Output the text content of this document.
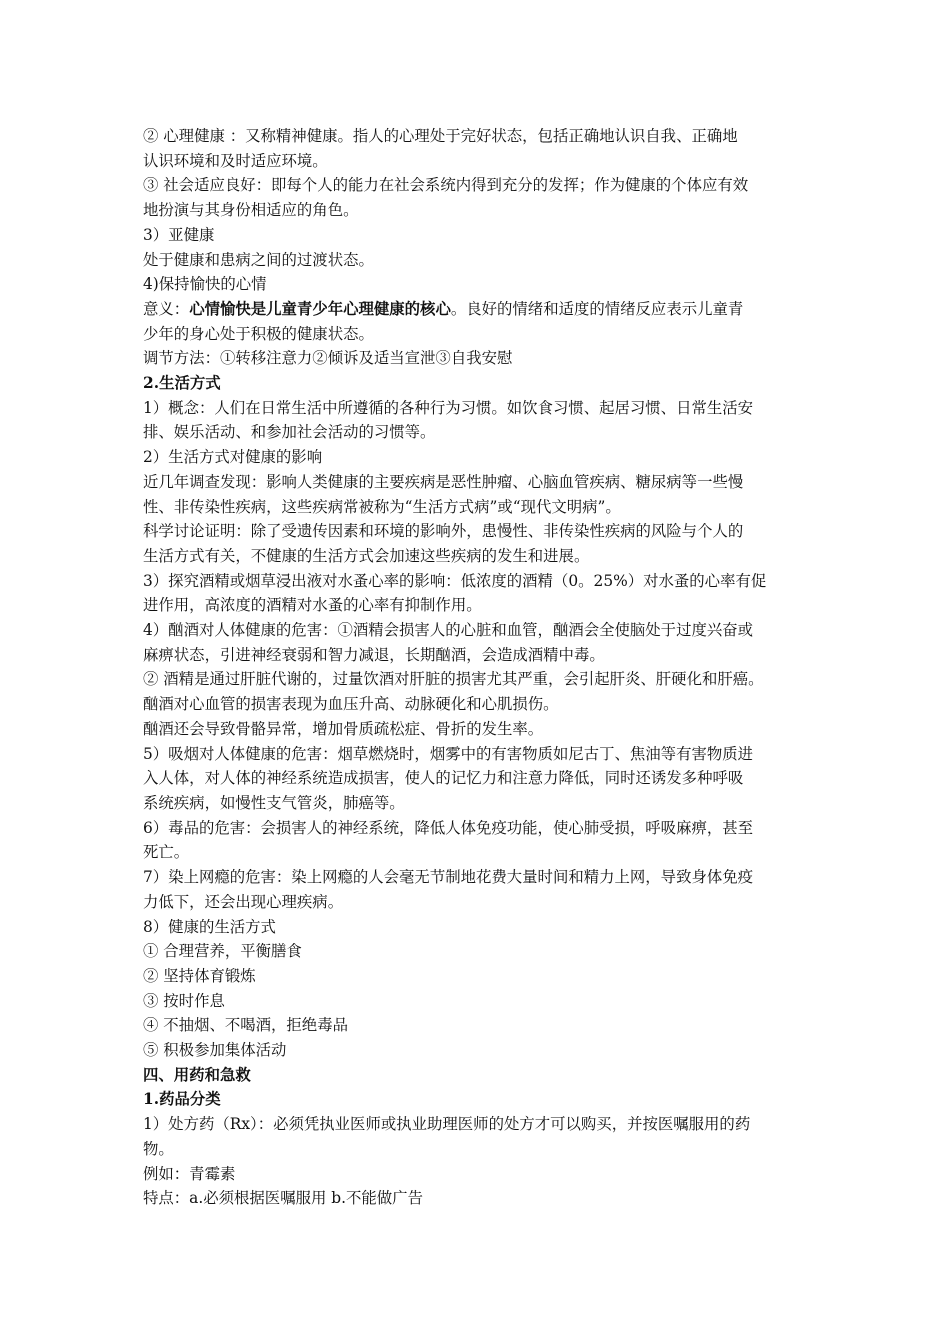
② 心理健康 ：又称精神健康。指人的心理处于完好状态，包括正确地认识自我、正确地

认识环境和及时适应环境。

③ 社会适应良好：即每个人的能力在社会系统内得到充分的发挥；作为健康的个体应有效

地扮演与其身份相适应的角色。

3）亚健康

处于健康和患病之间的过渡状态。

4)保持愉快的心情

意义：心情愉快是儿童青少年心理健康的核心。良好的情绪和适度的情绪反应表示儿童青

少年的身心处于积极的健康状态。

调节方法：①转移注意力②倾诉及适当宣泄③自我安慰

2.生活方式

1）概念：人们在日常生活中所遵循的各种行为习惯。如饮食习惯、起居习惯、日常生活安

排、娱乐活动、和参加社会活动的习惯等。

2）生活方式对健康的影响

近几年调查发现：影响人类健康的主要疾病是恶性肿瘤、心脑血管疾病、糖尿病等一些慢

性、非传染性疾病，这些疾病常被称为“生活方式病”或“现代文明病”。

科学讨论证明：除了受遗传因素和环境的影响外，患慢性、非传染性疾病的风险与个人的

生活方式有关，不健康的生活方式会加速这些疾病的发生和进展。

3）探究酒精或烟草浸出液对水蚤心率的影响：低浓度的酒精（0。25%）对水蚤的心率有促

进作用，高浓度的酒精对水蚤的心率有抑制作用。

4）酗酒对人体健康的危害：①酒精会损害人的心脏和血管，酗酒会全使脑处于过度兴奋或

麻痹状态，引进神经衰弱和智力减退，长期酗酒，会造成酒精中毒。

② 酒精是通过肝脏代谢的，过量饮酒对肝脏的损害尤其严重，会引起肝炎、肝硬化和肝癌。

酗酒对心血管的损害表现为血压升高、动脉硬化和心肌损伤。

酗酒还会导致骨骼异常，增加骨质疏松症、骨折的发生率。

5）吸烟对人体健康的危害：烟草燃烧时，烟雾中的有害物质如尼古丁、焦油等有害物质进

入人体，对人体的神经系统造成损害，使人的记忆力和注意力降低，同时还诱发多种呼吸

系统疾病，如慢性支气管炎，肺癌等。

6）毒品的危害：会损害人的神经系统，降低人体免疫功能，使心肺受损，呼吸麻痹，甚至

死亡。

7）染上网瘾的危害：染上网瘾的人会毫无节制地花费大量时间和精力上网，导致身体免疫

力低下，还会出现心理疾病。

8）健康的生活方式

① 合理营养，平衡膳食

② 坚持体育锻炼

③ 按时作息

④ 不抽烟、不喝酒，拒绝毒品

⑤ 积极参加集体活动

四、用药和急救

1.药品分类

1）处方药（Rx）：必须凭执业医师或执业助理医师的处方才可以购买，并按医嘱服用的药

物。

例如：青霉素

特点：a.必须根据医嘱服用 b.不能做广告
